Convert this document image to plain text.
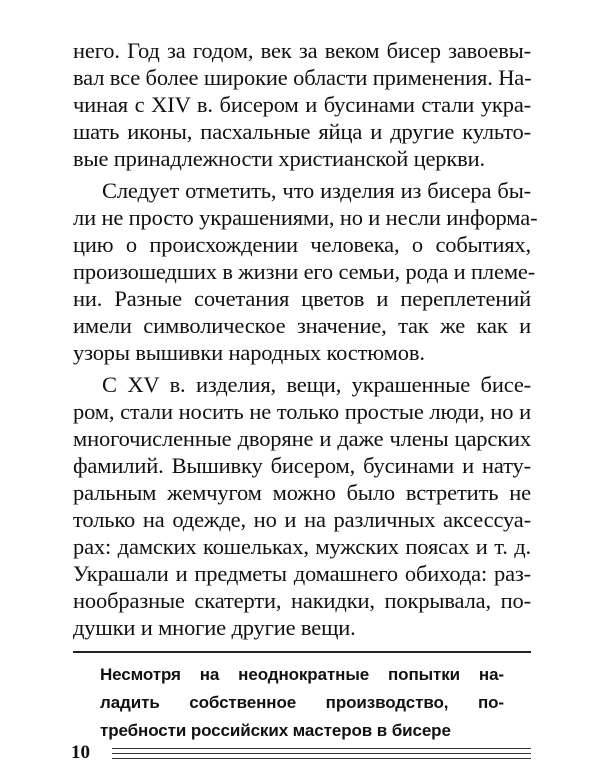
него. Год за годом, век за веком бисер завоевы-
вал все более широкие области применения. На-
чиная с XIV в. бисером и бусинами стали укра-
шать иконы, пасхальные яйца и другие культо-
вые принадлежности христианской церкви.
Следует отметить, что изделия из бисера бы-
ли не просто украшениями, но и несли информа-
цию о происхождении человека, о событиях,
произошедших в жизни его семьи, рода и племе-
ни. Разные сочетания цветов и переплетений
имели символическое значение, так же как и
узоры вышивки народных костюмов.
С XV в. изделия, вещи, украшенные бисе-
ром, стали носить не только простые люди, но и
многочисленные дворяне и даже члены царских
фамилий. Вышивку бисером, бусинами и нату-
ральным жемчугом можно было встретить не
только на одежде, но и на различных аксессуа-
рах: дамских кошельках, мужских поясах и т. д.
Украшали и предметы домашнего обихода: раз-
нообразные скатерти, накидки, покрывала, по-
душки и многие другие вещи.
Несмотря на неоднократные попытки на-
ладить собственное производство, по-
требности российских мастеров в бисере
10
